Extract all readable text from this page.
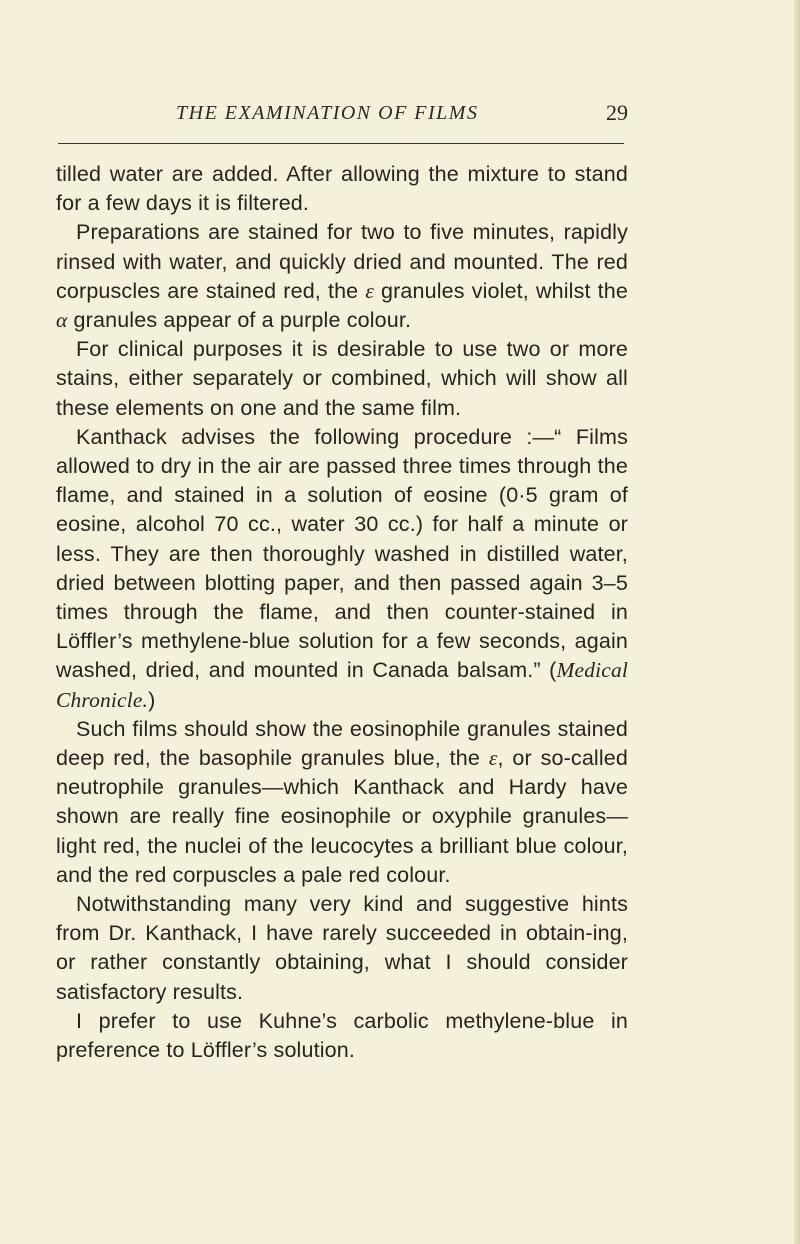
THE EXAMINATION OF FILMS	29

tilled water are added. After allowing the mixture to stand for a few days it is filtered.

Preparations are stained for two to five minutes, rapidly rinsed with water, and quickly dried and mounted. The red corpuscles are stained red, the ε granules violet, whilst the α granules appear of a purple colour.

For clinical purposes it is desirable to use two or more stains, either separately or combined, which will show all these elements on one and the same film.

Kanthack advises the following procedure :—“ Films allowed to dry in the air are passed three times through the flame, and stained in a solution of eosine (0·5 gram of eosine, alcohol 70 cc., water 30 cc.) for half a minute or less. They are then thoroughly washed in distilled water, dried between blotting paper, and then passed again 3–5 times through the flame, and then counter-stained in Löffler’s methylene-blue solution for a few seconds, again washed, dried, and mounted in Canada balsam.” (Medical Chronicle.)

Such films should show the eosinophile granules stained deep red, the basophile granules blue, the ε, or so-called neutrophile granules—which Kanthack and Hardy have shown are really fine eosinophile or oxyphile granules—light red, the nuclei of the leucocytes a brilliant blue colour, and the red corpuscles a pale red colour.

Notwithstanding many very kind and suggestive hints from Dr. Kanthack, I have rarely succeeded in obtain-ing, or rather constantly obtaining, what I should consider satisfactory results.

I prefer to use Kuhne’s carbolic methylene-blue in preference to Löffler’s solution.
